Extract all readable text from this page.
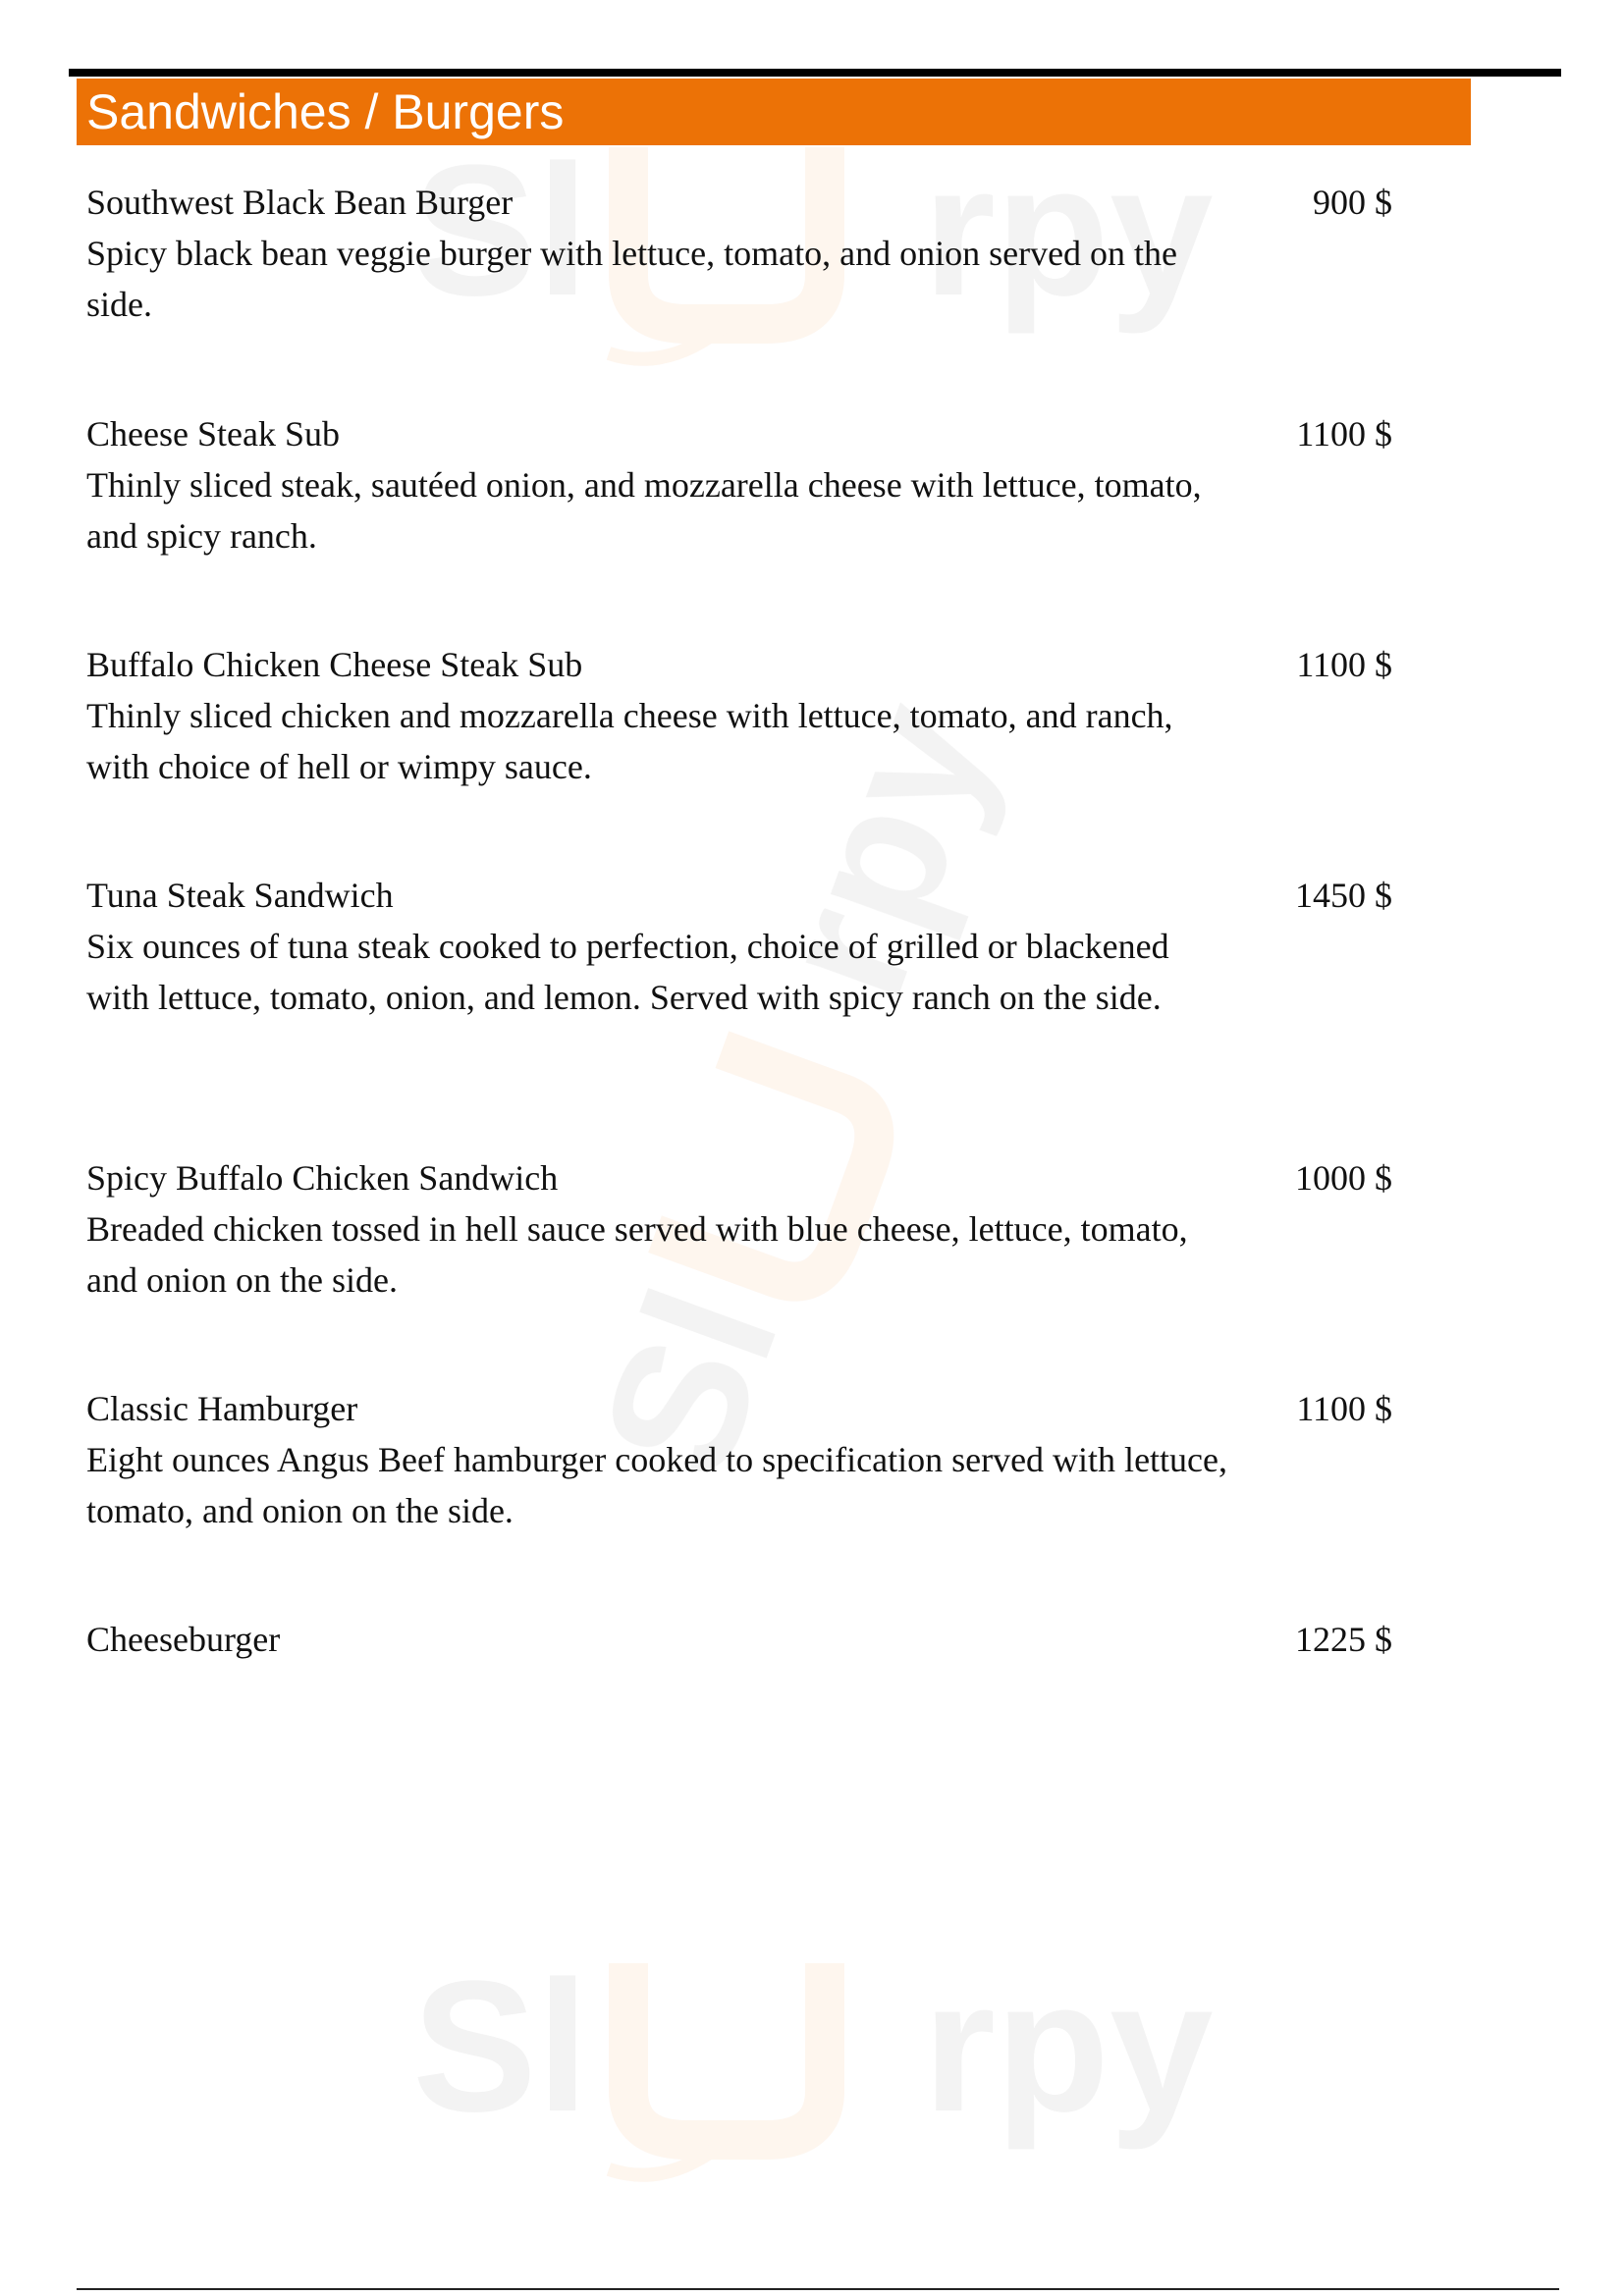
Sl rpy
Sl
rpy
Sl rpy
Sandwiches / Burgers
Southwest Black Bean Burger
Spicy black bean veggie burger with lettuce, tomato, and onion served on the side.
900 $
Cheese Steak Sub
Thinly sliced steak, sautéed onion, and mozzarella cheese with lettuce, tomato, and spicy ranch.
1100 $
Buffalo Chicken Cheese Steak Sub
Thinly sliced chicken and mozzarella cheese with lettuce, tomato, and ranch, with choice of hell or wimpy sauce.
1100 $
Tuna Steak Sandwich
Six ounces of tuna steak cooked to perfection, choice of grilled or blackened with lettuce, tomato, onion, and lemon. Served with spicy ranch on the side.
1450 $
Spicy Buffalo Chicken Sandwich
Breaded chicken tossed in hell sauce served with blue cheese, lettuce, tomato, and onion on the side.
1000 $
Classic Hamburger
Eight ounces Angus Beef hamburger cooked to specification served with lettuce, tomato, and onion on the side.
1100 $
Cheeseburger	1225 $
